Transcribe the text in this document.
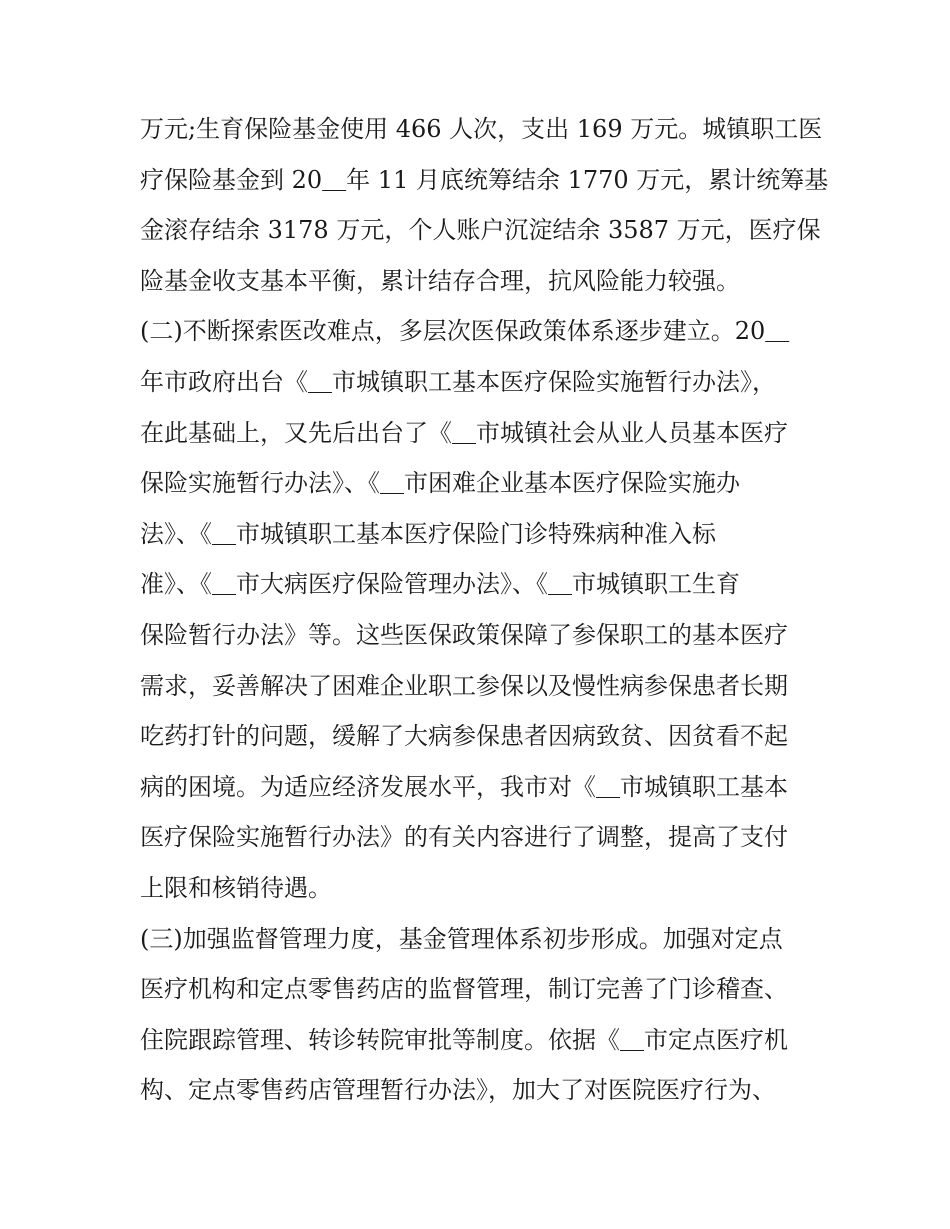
万元;生育保险基金使用 466 人次，支出 169 万元。城镇职工医
疗保险基金到 20＿年 11 月底统筹结余 1770 万元，累计统筹基
金滚存结余 3178 万元，个人账户沉淀结余 3587 万元，医疗保
险基金收支基本平衡，累计结存合理，抗风险能力较强。
(二)不断探索医改难点，多层次医保政策体系逐步建立。20＿
年市政府出台《＿市城镇职工基本医疗保险实施暂行办法》，
在此基础上，又先后出台了《＿市城镇社会从业人员基本医疗
保险实施暂行办法》、《＿市困难企业基本医疗保险实施办
法》、《＿市城镇职工基本医疗保险门诊特殊病种准入标
准》、《＿市大病医疗保险管理办法》、《＿市城镇职工生育
保险暂行办法》等。这些医保政策保障了参保职工的基本医疗
需求，妥善解决了困难企业职工参保以及慢性病参保患者长期
吃药打针的问题，缓解了大病参保患者因病致贫、因贫看不起
病的困境。为适应经济发展水平，我市对《＿市城镇职工基本
医疗保险实施暂行办法》的有关内容进行了调整，提高了支付
上限和核销待遇。
(三)加强监督管理力度，基金管理体系初步形成。加强对定点
医疗机构和定点零售药店的监督管理，制订完善了门诊稽查、
住院跟踪管理、转诊转院审批等制度。依据《＿市定点医疗机
构、定点零售药店管理暂行办法》，加大了对医院医疗行为、
